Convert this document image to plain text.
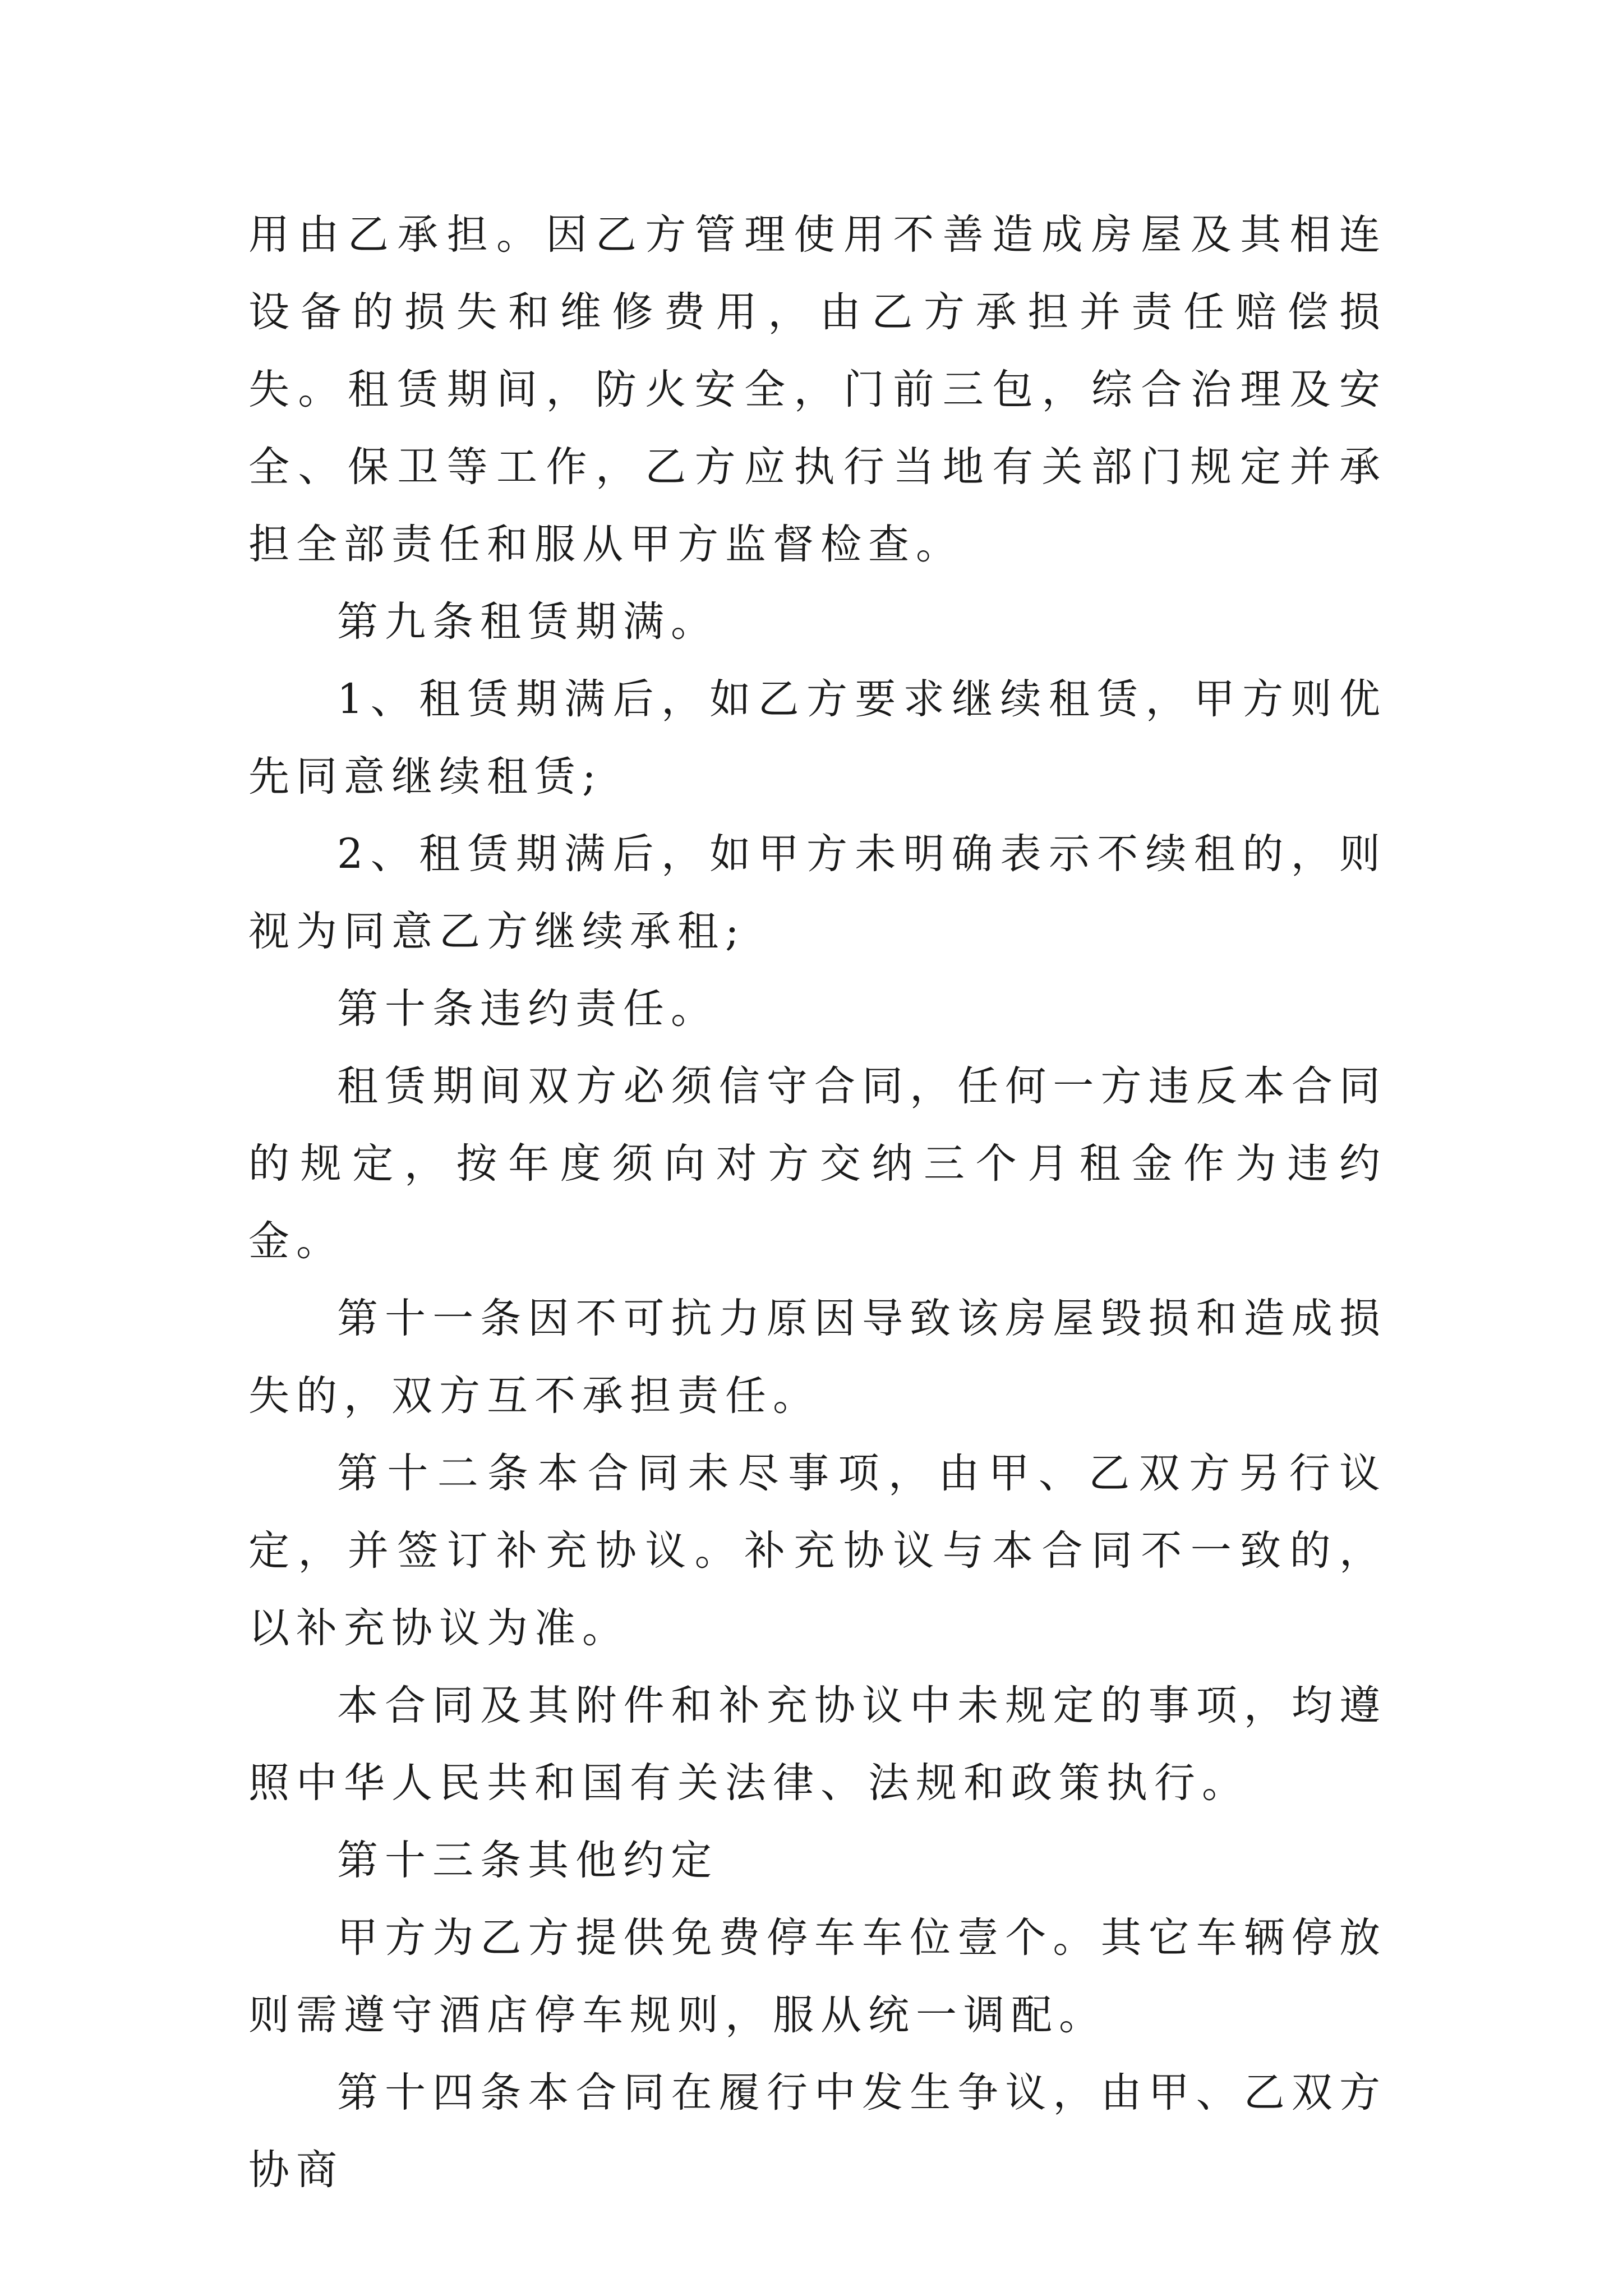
用由乙承担。因乙方管理使用不善造成房屋及其相连设备的损失和维修费用，由乙方承担并责任赔偿损失。租赁期间，防火安全，门前三包，综合治理及安全、保卫等工作，乙方应执行当地有关部门规定并承担全部责任和服从甲方监督检查。

第九条租赁期满。

1、租赁期满后，如乙方要求继续租赁，甲方则优先同意继续租赁;

2、租赁期满后，如甲方未明确表示不续租的，则视为同意乙方继续承租;

第十条违约责任。

租赁期间双方必须信守合同，任何一方违反本合同的规定，按年度须向对方交纳三个月租金作为违约金。

第十一条因不可抗力原因导致该房屋毁损和造成损失的，双方互不承担责任。

第十二条本合同未尽事项，由甲、乙双方另行议定，并签订补充协议。补充协议与本合同不一致的，以补充协议为准。

本合同及其附件和补充协议中未规定的事项，均遵照中华人民共和国有关法律、法规和政策执行。

第十三条其他约定

甲方为乙方提供免费停车车位壹个。其它车辆停放则需遵守酒店停车规则，服从统一调配。

第十四条本合同在履行中发生争议，由甲、乙双方协商
